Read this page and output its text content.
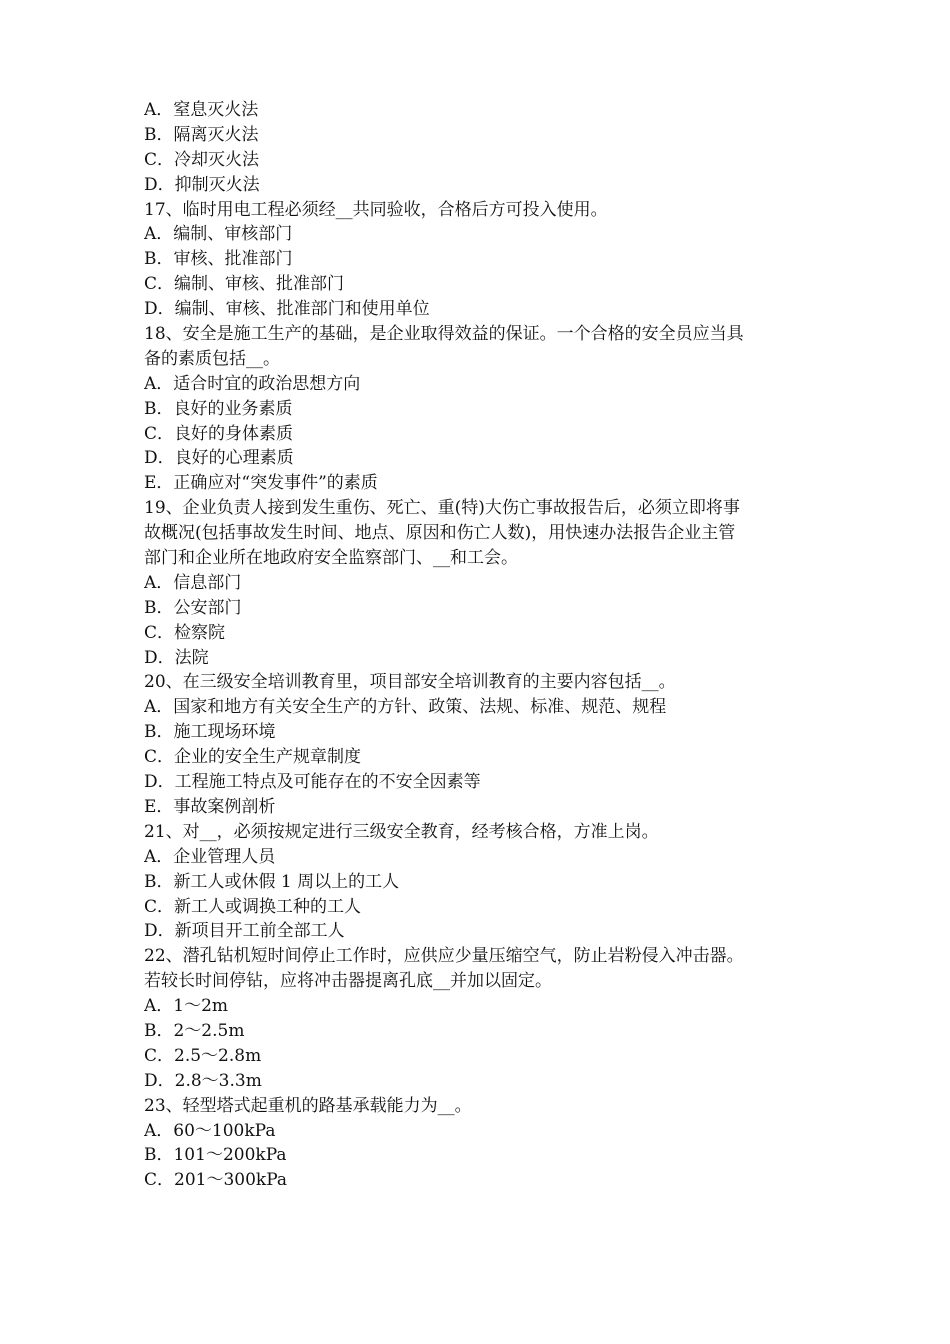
A．窒息灭火法
B．隔离灭火法
C．冷却灭火法
D．抑制灭火法
17、临时用电工程必须经__共同验收，合格后方可投入使用。
A．编制、审核部门
B．审核、批准部门
C．编制、审核、批准部门
D．编制、审核、批准部门和使用单位
18、安全是施工生产的基础，是企业取得效益的保证。一个合格的安全员应当具
备的素质包括__。
A．适合时宜的政治思想方向
B．良好的业务素质
C．良好的身体素质
D．良好的心理素质
E．正确应对“突发事件”的素质
19、企业负责人接到发生重伤、死亡、重(特)大伤亡事故报告后，必须立即将事
故概况(包括事故发生时间、地点、原因和伤亡人数)，用快速办法报告企业主管
部门和企业所在地政府安全监察部门、__和工会。
A．信息部门
B．公安部门
C．检察院
D．法院
20、在三级安全培训教育里，项目部安全培训教育的主要内容包括__。
A．国家和地方有关安全生产的方针、政策、法规、标准、规范、规程
B．施工现场环境
C．企业的安全生产规章制度
D．工程施工特点及可能存在的不安全因素等
E．事故案例剖析
21、对__，必须按规定进行三级安全教育，经考核合格，方准上岗。
A．企业管理人员
B．新工人或休假 1 周以上的工人
C．新工人或调换工种的工人
D．新项目开工前全部工人
22、潜孔钻机短时间停止工作时，应供应少量压缩空气，防止岩粉侵入冲击器。
若较长时间停钻，应将冲击器提离孔底__并加以固定。
A．1～2m
B．2～2.5m
C．2.5～2.8m
D．2.8～3.3m
23、轻型塔式起重机的路基承载能力为__。
A．60～100kPa
B．101～200kPa
C．201～300kPa
